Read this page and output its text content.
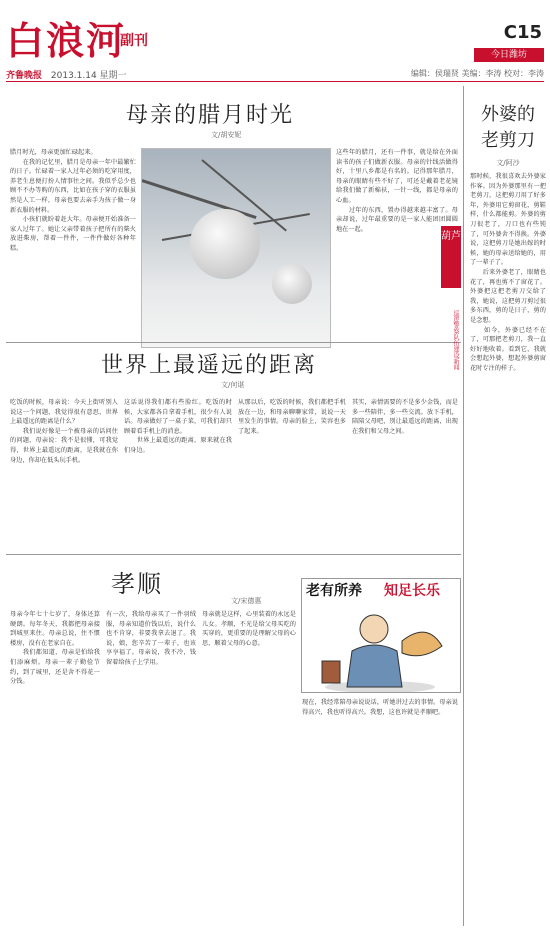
白浪河
副刊	C15
今日潍坊
齐鲁晚报 2013.1.14 星期一	编辑：侯瑞贤 美编：李涛 校对：李涛
母亲的腊月时光
文/胡安妮
腊月时光，母亲更加忙碌起来。
　　在我的记忆里，腊月是母亲一年中最繁忙的日子。忙碌着一家人过年必须的吃穿用度，养老生息便打扮人情事往之间。我似乎总少也顾不不办等购的东西，比如在孩子穿的衣服虽然是人工一样，母亲也要去亲手为孩子做一身新衣服的材料。
　　小孩们就盼着赶大年。母亲便开始准备一家人过年了。她让父亲带着孩子把所有的柴火放进柴房，帮着一件件，一件件做好各种年糕。
这些年的腊月，还有一件事，就是给在外面读书的孩子们做新衣服。母亲的针线活做得好，十里八乡都是有名的。记得那年腊月，母亲的眼睛有些不好了，可还是戴着老花镜给我们做了新棉袄，一针一线，都是母亲的心血。
　　过年的东西，置办得越来越丰富了。母亲却说，过年最重要的是一家人能团团圆圆地在一起。
世界上最遥远的距离
文/何谌
吃饭的时候，母亲说：今天上街听别人说这一个问题，我觉得很有意思，世界上最遥远的距离是什么？
　　我们说好像是一个被母亲的话问住的问题，母亲说：我不是很懂，可我觉得，世界上最遥远的距离，是我就在你身边，你却在低头玩手机。
这话说得我们都有些脸红。吃饭的时候，大家都各自拿着手机，很少有人说话。母亲做好了一桌子菜，可我们却只顾着看手机上的消息。
　　世界上最遥远的距离，原来就在我们身边。
从那以后，吃饭的时候，我们都把手机放在一边，和母亲聊聊家常，说说一天里发生的事情。母亲的脸上，笑容也多了起来。
其实，亲情需要的不是多少金钱，而是多一些陪伴，多一些交流。放下手机，陪陪父母吧，别让最遥远的距离，出现在我们和父母之间。
孝顺
文/宋德惠
老有所养 知足长乐
母亲今年七十七岁了，身体还算硬朗。每年冬天，我都把母亲接到城里来住。母亲总说，住不惯楼房，没有在老家自在。
　　我们都知道，母亲是怕给我们添麻烦。母亲一辈子勤俭节约，到了城里，还是舍不得花一分钱。
有一次，我给母亲买了一件羽绒服，母亲知道价钱以后，说什么也不肯穿，非要我拿去退了。我说，娘，您辛苦了一辈子，也该享享福了。母亲说，我不冷，钱留着给孩子上学用。
母亲就是这样，心里装着的永远是儿女。孝顺，不光是给父母买吃的买穿的，更重要的是理解父母的心思，顺着父母的心意。
现在，我经常陪母亲说说话，听她讲过去的事情。母亲说得高兴，我也听得高兴。我想，这也许就是孝顺吧。
葫芦
巡逻警察队伍建设新闻
外婆的
老剪刀
文/阿沙
那时候，我很喜欢去外婆家作客。因为外婆那里有一把老剪刀，这把剪刀用了好多年，外婆用它剪窗花，剪鞋样，什么都能剪。外婆的剪刀很老了，刀口也有些钝了，可外婆舍不得换。外婆说，这把剪刀是她出嫁的时候，她的母亲送给她的，用了一辈子了。
　　后来外婆老了，眼睛也花了，再也剪不了窗花了。外婆把这把老剪刀交给了我，她说，这把剪刀剪过很多东西，剪的是日子，剪的是念想。
　　如今，外婆已经不在了，可那把老剪刀，我一直好好地收着。看到它，我就会想起外婆，想起外婆剪窗花时专注的样子。
